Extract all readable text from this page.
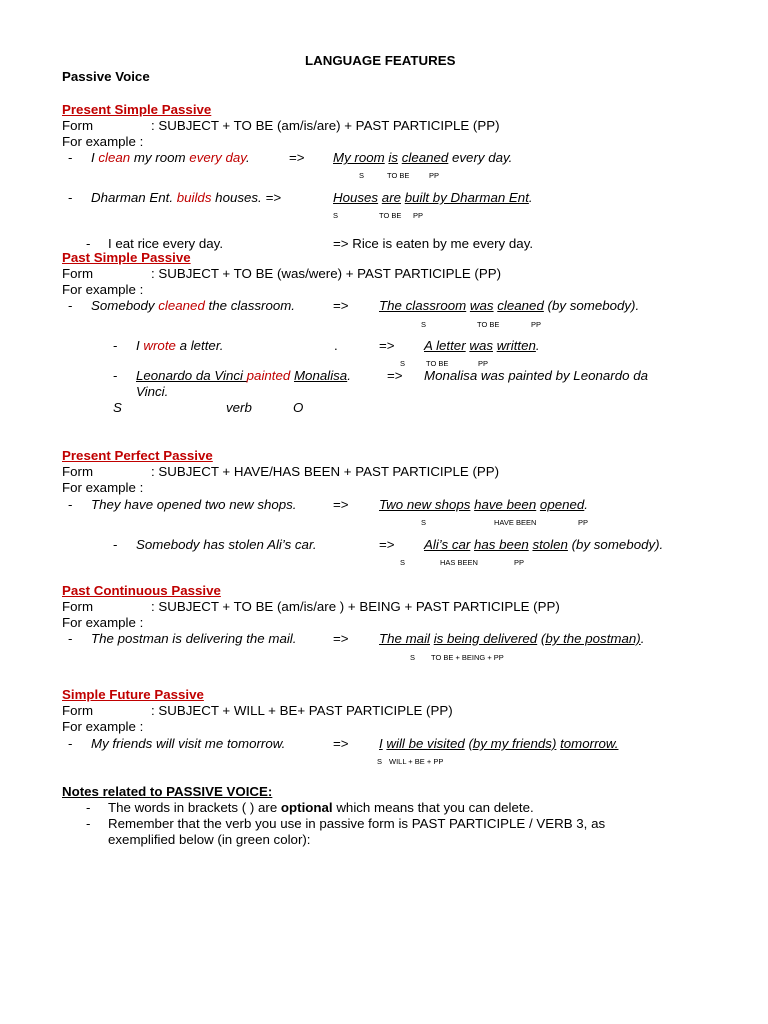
LANGUAGE FEATURES
Passive Voice
Present Simple Passive
Form	: SUBJECT + TO BE (am/is/are) + PAST PARTICIPLE (PP)
For example :
- I clean my room every day.	=> My room is cleaned every day.
S	TO BE	PP
- Dharman Ent. builds houses. =>	Houses are built by Dharman Ent.
S	TO BE PP
- I eat rice every day.	=> Rice is eaten by me every day.
Past Simple Passive
Form	: SUBJECT + TO BE (was/were) + PAST PARTICIPLE (PP)
For example :
- Somebody cleaned the classroom.	=> The classroom was cleaned (by somebody).
S	TO BE	PP
- I wrote a letter.	.	=> A letter was written.
S	TO BE	PP
- Leonardo da Vinci painted Monalisa.	=> Monalisa was painted by Leonardo da
Vinci.
S	verb	O
Present Perfect Passive
Form	: SUBJECT + HAVE/HAS BEEN + PAST PARTICIPLE (PP)
For example :
- They have opened two new shops.	=> Two new shops have been opened.
S	HAVE BEEN	PP
- Somebody has stolen Ali’s car.	=> Ali’s car has been stolen (by somebody).
S	HAS BEEN	PP
Past Continuous Passive
Form	: SUBJECT + TO BE (am/is/are ) + BEING + PAST PARTICIPLE (PP)
For example :
- The postman is delivering the mail.	=> The mail is being delivered (by the postman).
S TO BE + BEING + PP
Simple Future Passive
Form	: SUBJECT + WILL + BE+ PAST PARTICIPLE (PP)
For example :
- My friends will visit me tomorrow.	=> I will be visited (by my friends) tomorrow.
S WILL + BE + PP
Notes related to PASSIVE VOICE:
- The words in brackets ( ) are optional which means that you can delete.
- Remember that the verb you use in passive form is PAST PARTICIPLE / VERB 3, as
exemplified below (in green color):
